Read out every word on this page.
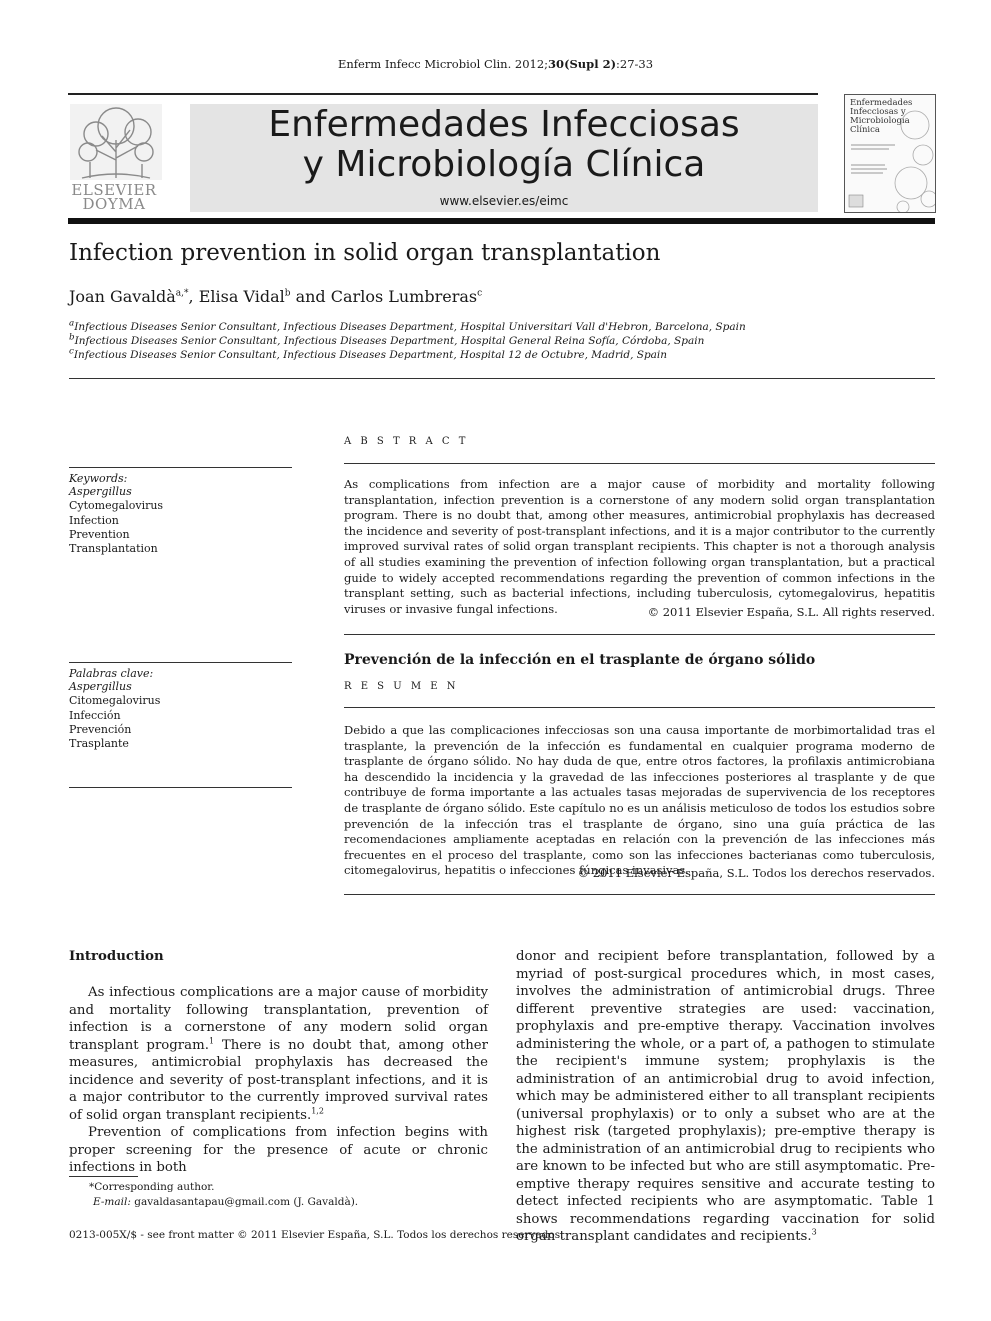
Enferm Infecc Microbiol Clin. 2012;30(Supl 2):27-33
ELSEVIER
DOYMA
Enfermedades Infecciosas
y Microbiología Clínica
www.elsevier.es/eimc
Enfermedades Infecciosas y Microbiología Clínica
Infection prevention in solid organ transplantation
Joan Gavaldà$^{a,*}$, Elisa Vidal$^b$ and Carlos Lumbreras$^c$
$^a$Infectious Diseases Senior Consultant, Infectious Diseases Department, Hospital Universitari Vall d'Hebron, Barcelona, Spain
$^b$Infectious Diseases Senior Consultant, Infectious Diseases Department, Hospital General Reina Sofía, Córdoba, Spain
$^c$Infectious Diseases Senior Consultant, Infectious Diseases Department, Hospital 12 de Octubre, Madrid, Spain
Keywords:
Aspergillus
Cytomegalovirus
Infection
Prevention
Transplantation
Palabras clave:
Aspergillus
Citomegalovirus
Infección
Prevención
Trasplante
A B S T R A C T
As complications from infection are a major cause of morbidity and mortality following transplantation, infection prevention is a cornerstone of any modern solid organ transplantation program. There is no doubt that, among other measures, antimicrobial prophylaxis has decreased the incidence and severity of post-transplant infections, and it is a major contributor to the currently improved survival rates of solid organ transplant recipients. This chapter is not a thorough analysis of all studies examining the prevention of infection following organ transplantation, but a practical guide to widely accepted recommendations regarding the prevention of common infections in the transplant setting, such as bacterial infections, including tuberculosis, cytomegalovirus, hepatitis viruses or invasive fungal infections.	© 2011 Elsevier España, S.L. All rights reserved.
Prevención de la infección en el trasplante de órgano sólido
R E S U M E N
Debido a que las complicaciones infecciosas son una causa importante de morbimortalidad tras el trasplante, la prevención de la infección es fundamental en cualquier programa moderno de trasplante de órgano sólido. No hay duda de que, entre otros factores, la profilaxis antimicrobiana ha descendido la incidencia y la gravedad de las infecciones posteriores al trasplante y de que contribuye de forma importante a las actuales tasas mejoradas de supervivencia de los receptores de trasplante de órgano sólido. Este capítulo no es un análisis meticuloso de todos los estudios sobre prevención de la infección tras el trasplante de órgano, sino una guía práctica de las recomendaciones ampliamente aceptadas en relación con la prevención de las infecciones más frecuentes en el proceso del trasplante, como son las infecciones bacterianas como tuberculosis, citomegalovirus, hepatitis o infecciones fúngicas invasivas.
© 2011 Elsevier España, S.L. Todos los derechos reservados.
Introduction

As infectious complications are a major cause of morbidity and mortality following transplantation, prevention of infection is a cornerstone of any modern solid organ transplant program.$^1$ There is no doubt that, among other measures, antimicrobial prophylaxis has decreased the incidence and severity of post-transplant infections, and it is a major contributor to the currently improved survival rates of solid organ transplant recipients.$^{1,2}$

Prevention of complications from infection begins with proper screening for the presence of acute or chronic infections in both

donor and recipient before transplantation, followed by a myriad of post-surgical procedures which, in most cases, involves the administration of antimicrobial drugs. Three different preventive strategies are used: vaccination, prophylaxis and pre-emptive therapy. Vaccination involves administering the whole, or a part of, a pathogen to stimulate the recipient's immune system; prophylaxis is the administration of an antimicrobial drug to avoid infection, which may be administered either to all transplant recipients (universal prophylaxis) or to only a subset who are at the highest risk (targeted prophylaxis); pre-emptive therapy is the administration of an antimicrobial drug to recipients who are known to be infected but who are still asymptomatic. Pre-emptive therapy requires sensitive and accurate testing to detect infected recipients who are asymptomatic. Table 1 shows recommendations regarding vaccination for solid organ transplant candidates and recipients.$^3$
*Corresponding author.
E-mail: gavaldasantapau@gmail.com (J. Gavaldà).
0213-005X/$ - see front matter © 2011 Elsevier España, S.L. Todos los derechos reservados.
